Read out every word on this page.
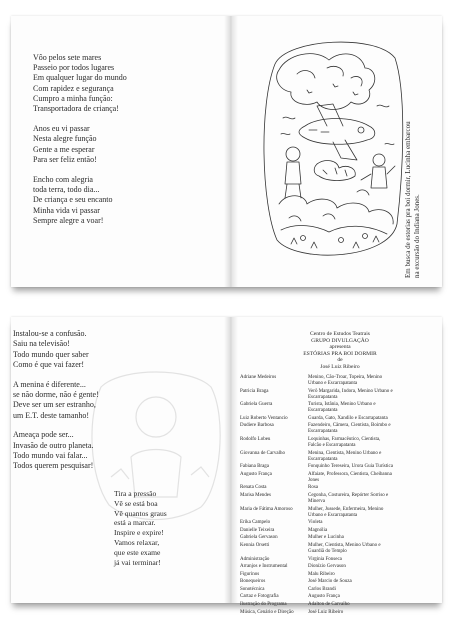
Vôo pelos sete mares
Passeio por todos lugares
Em qualquer lugar do mundo
Com rapidez e segurança
Cumpro a minha função:
Transportadora de criança!
Anos eu vi passar
Nesta alegre função
Gente a me esperar
Para ser feliz então!
Encho com alegria
toda terra, todo dia...
De criança e seu encanto
Minha vida vi passar
Sempre alegre a voar!	Em busca de estorias pra boi dormir, Lucinha embarcou na excursão do Indiana Jones.
Instalou-se a confusão.
Saiu na televisão!
Todo mundo quer saber
Como é que vai fazer!
A menina é diferente...
se não dorme, não é gente!
Deve ser um ser estranho,
um E.T. deste tamanho!
Ameaça pode ser...
Invasão de outro planeta.
Todo mundo vai falar...
Todos querem pesquisar!
Tira a pressão
Vê se está boa
Vê quantos graus
está a marcar.
Inspire e expire!
Vamos relaxar,
que este exame
já vai terminar!
Centro de Estudos Teatrais
GRUPO DIVULGAÇÃO
apresenta
ESTÓRIAS PRA BOI DORMIR
de
José Luiz Ribeiro
Adriane Medeiros	Menino, Cão-Troar, Topeira, Menino
Urbano e Escarrapatanta
Patricia Braga	Verô Margarida, Indora, Menino Urbano e
Escarrapatanta
Gabriela Guerra	Turista, Istânia, Menino Urbano e
Escarrapatanta
Luiz Roberto Ventancio	Guarda, Gato, Xandilo e Escarrapatanta
Dudiere Barbosa	Fazendeiro, Câmera, Cientista, Boimbo e
Escarrapatanta
Rodolfo Lobeu	Loquinhas, Farmacêutico, Cientista,
Falcão e Escarrapatanta
Giovanna de Carvalho	Menina, Cientista, Menino Urbano e
Escarrapatanta
Fabiana Braga	Fonquinho Tereseira, Urora Guia Turística
Augusto França	Alfaiate, Professora, Cientista, Cheibanna
Jones
Renata Costa	Rosa
Marisa Mendes	Cegonha, Costureira, Repórter Sorriso e
Minerva
Maria de Fátima Amoroso	Mulher, Jussede, Enfermeira, Menino
Urbano e Escarrapatanta
Erika Campelo	Violeta
Danielle Teixeira	Magnólia
Gabriela Gervason	Mulher e Lucinha
Kennia Orsetti	Mulher, Cientista, Menino Urbano e
Guardiã do Templo
Administração	Virginia Fonseca
Arranjos e Instrumental	Dionízio Gervason
Figurinos	Malu Ribeiro
Bonequeiros	José Marcio de Souza
Sonotécnica	Carlos Brandi
Cartaz e Fotografia	Augusto França
Ilustração do Programa	Adalton de Carvalho
Música, Cenário e Direção	José Luiz Ribeiro
